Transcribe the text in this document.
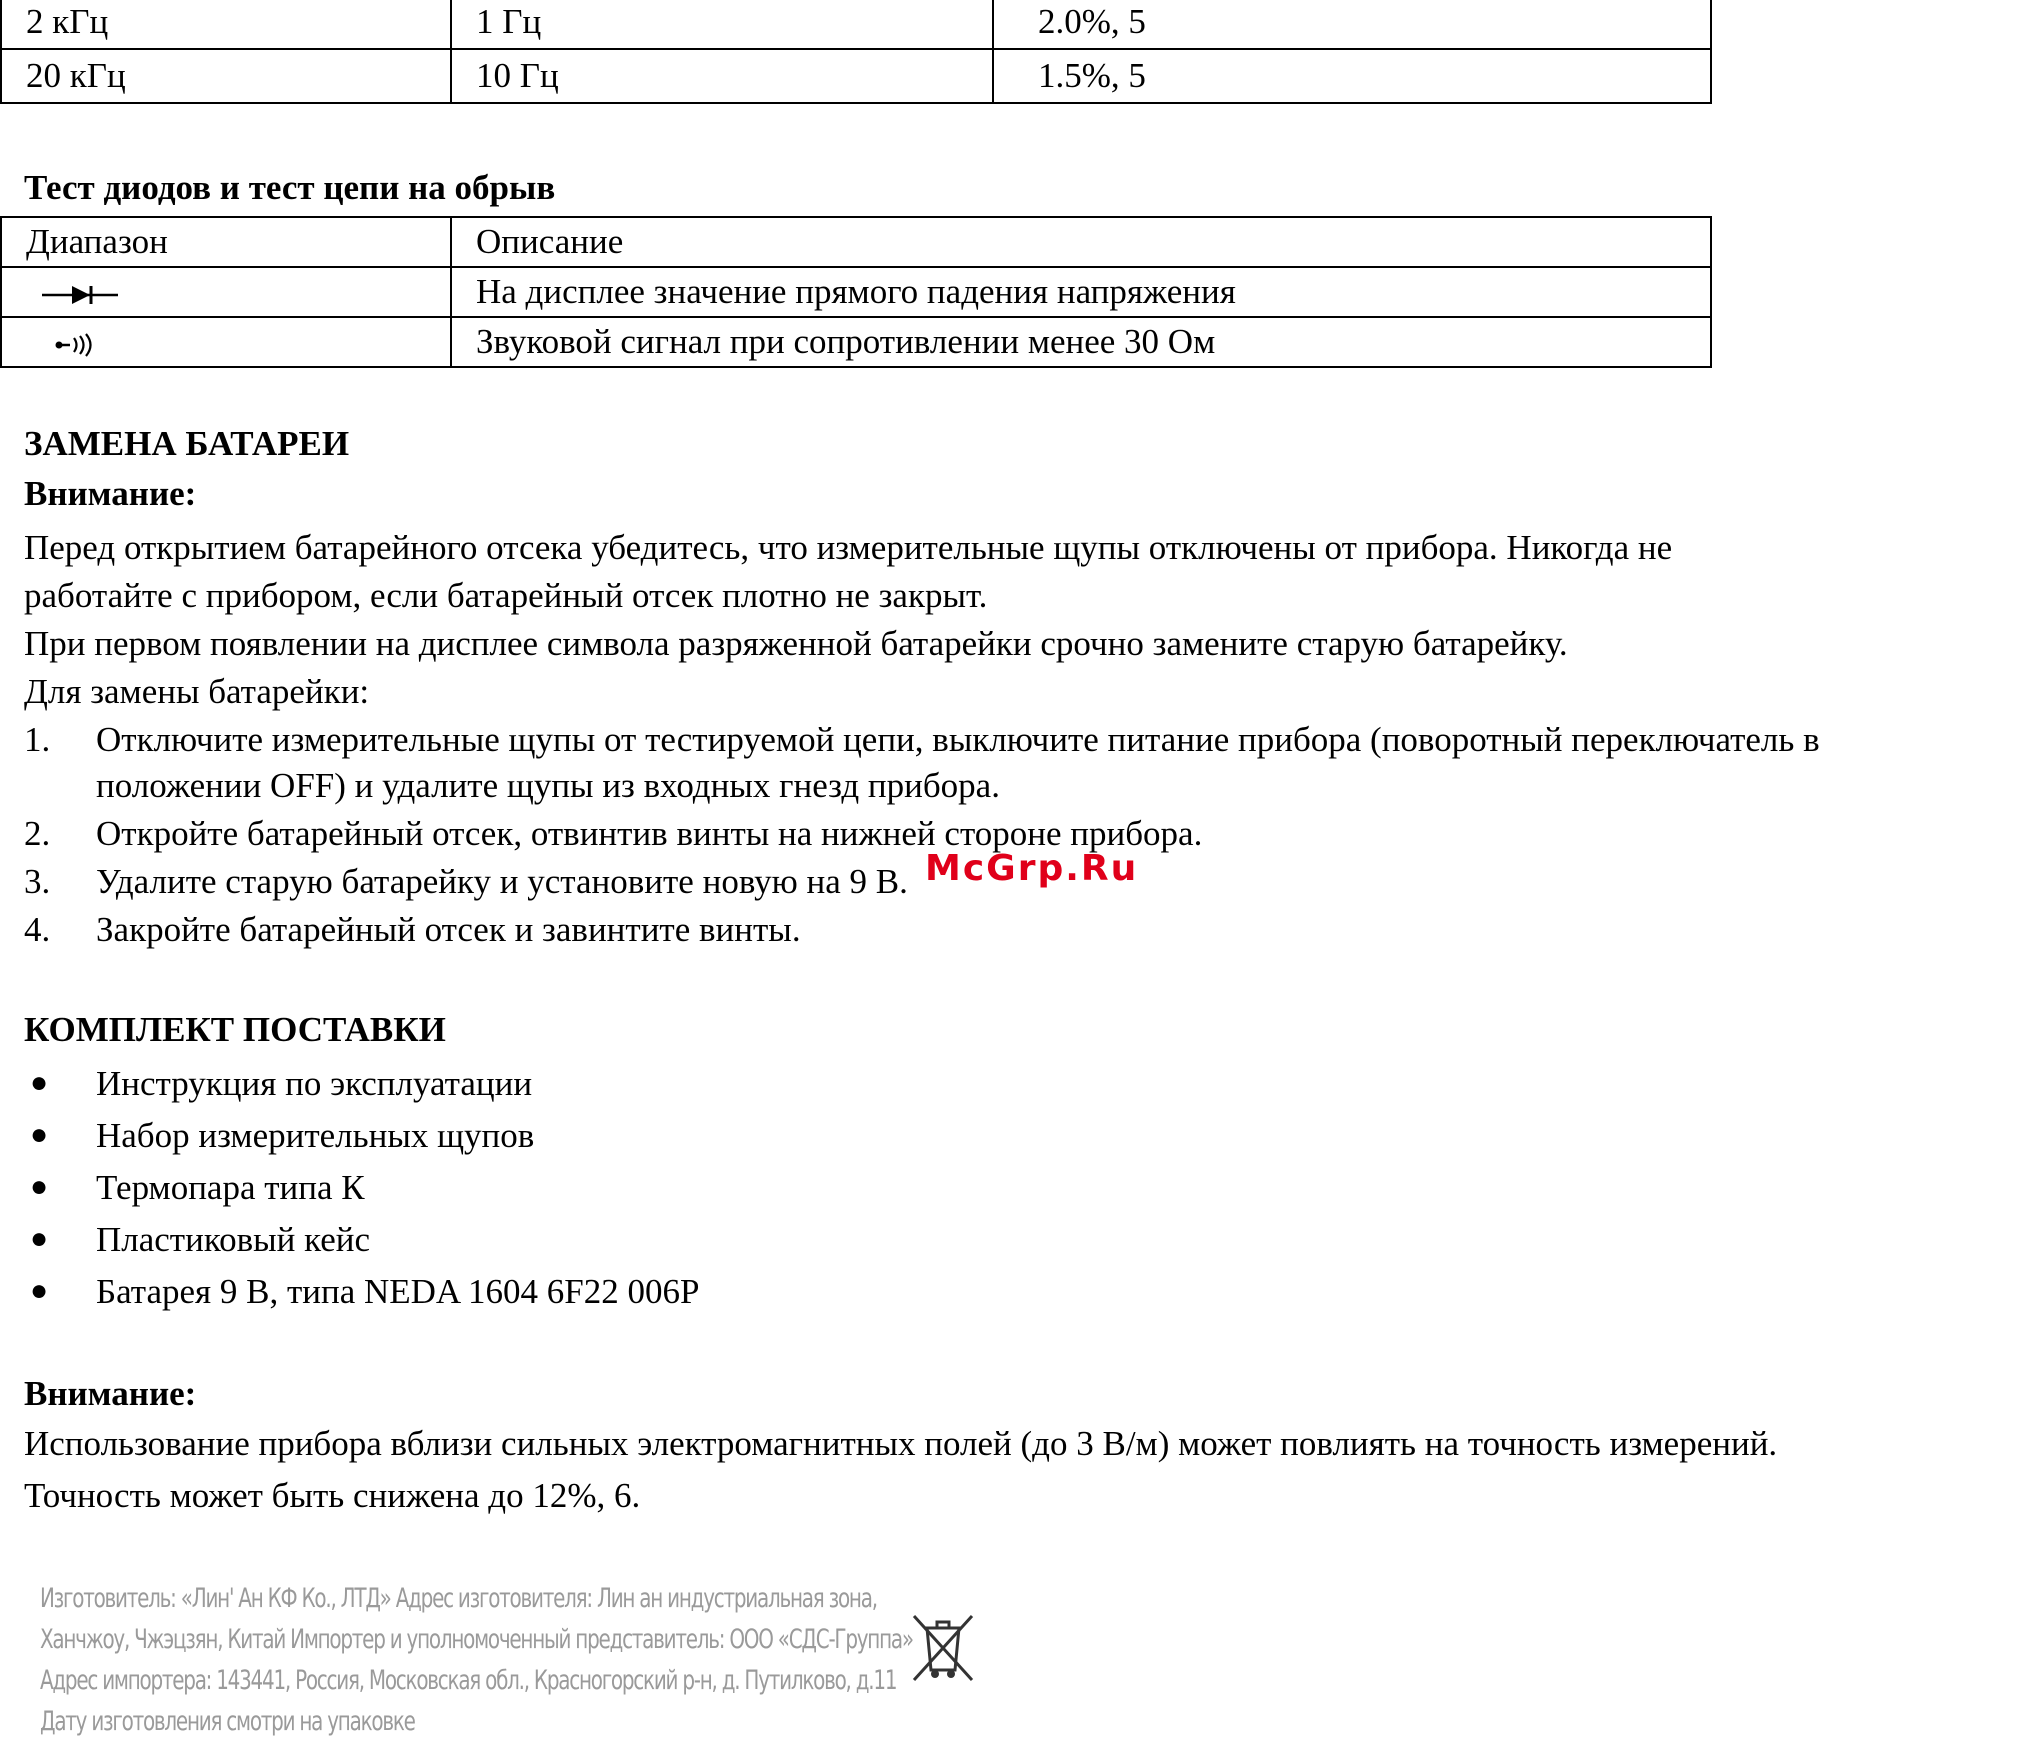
2 кГц	1 Гц	2.0%, 5
20 кГц	10 Гц	1.5%, 5
Тест диодов и тест цепи на обрыв
Диапазон	Описание
	На дисплее значение прямого падения напряжения
	Звуковой сигнал при сопротивлении менее 30 Ом
ЗАМЕНА БАТАРЕИ
Внимание:
Перед открытием батарейного отсека убедитесь, что измерительные щупы отключены от прибора. Никогда не
работайте с прибором, если батарейный отсек плотно не закрыт.
При первом появлении на дисплее символа разряженной батарейки срочно замените старую батарейку.
Для замены батарейки:
1. Отключите измерительные щупы от тестируемой цепи, выключите питание прибора (поворотный переключатель в
положении OFF) и удалите щупы из входных гнезд прибора.
2. Откройте батарейный отсек, отвинтив винты на нижней стороне прибора.
3. Удалите старую батарейку и установите новую на 9 В.
4. Закройте батарейный отсек и завинтите винты.
McGrp.Ru
КОМПЛЕКТ ПОСТАВКИ
● Инструкция по эксплуатации
● Набор измерительных щупов
● Термопара типа К
● Пластиковый кейс
● Батарея 9 В, типа NEDA 1604 6F22 006P
Внимание:
Использование прибора вблизи сильных электромагнитных полей (до 3 В/м) может повлиять на точность измерений.
Точность может быть снижена до 12%, 6.
Изготовитель: «Лин' Ан КФ Ко., ЛТД» Адрес изготовителя: Лин ан индустриальная зона,
Ханчжоу, Чжэцзян, Китай Импортер и уполномоченный представитель: ООО «СДС-Группа»
Адрес импортера: 143441, Россия, Московская обл., Красногорский р-н, д. Путилково, д.11
Дату изготовления смотри на упаковке
